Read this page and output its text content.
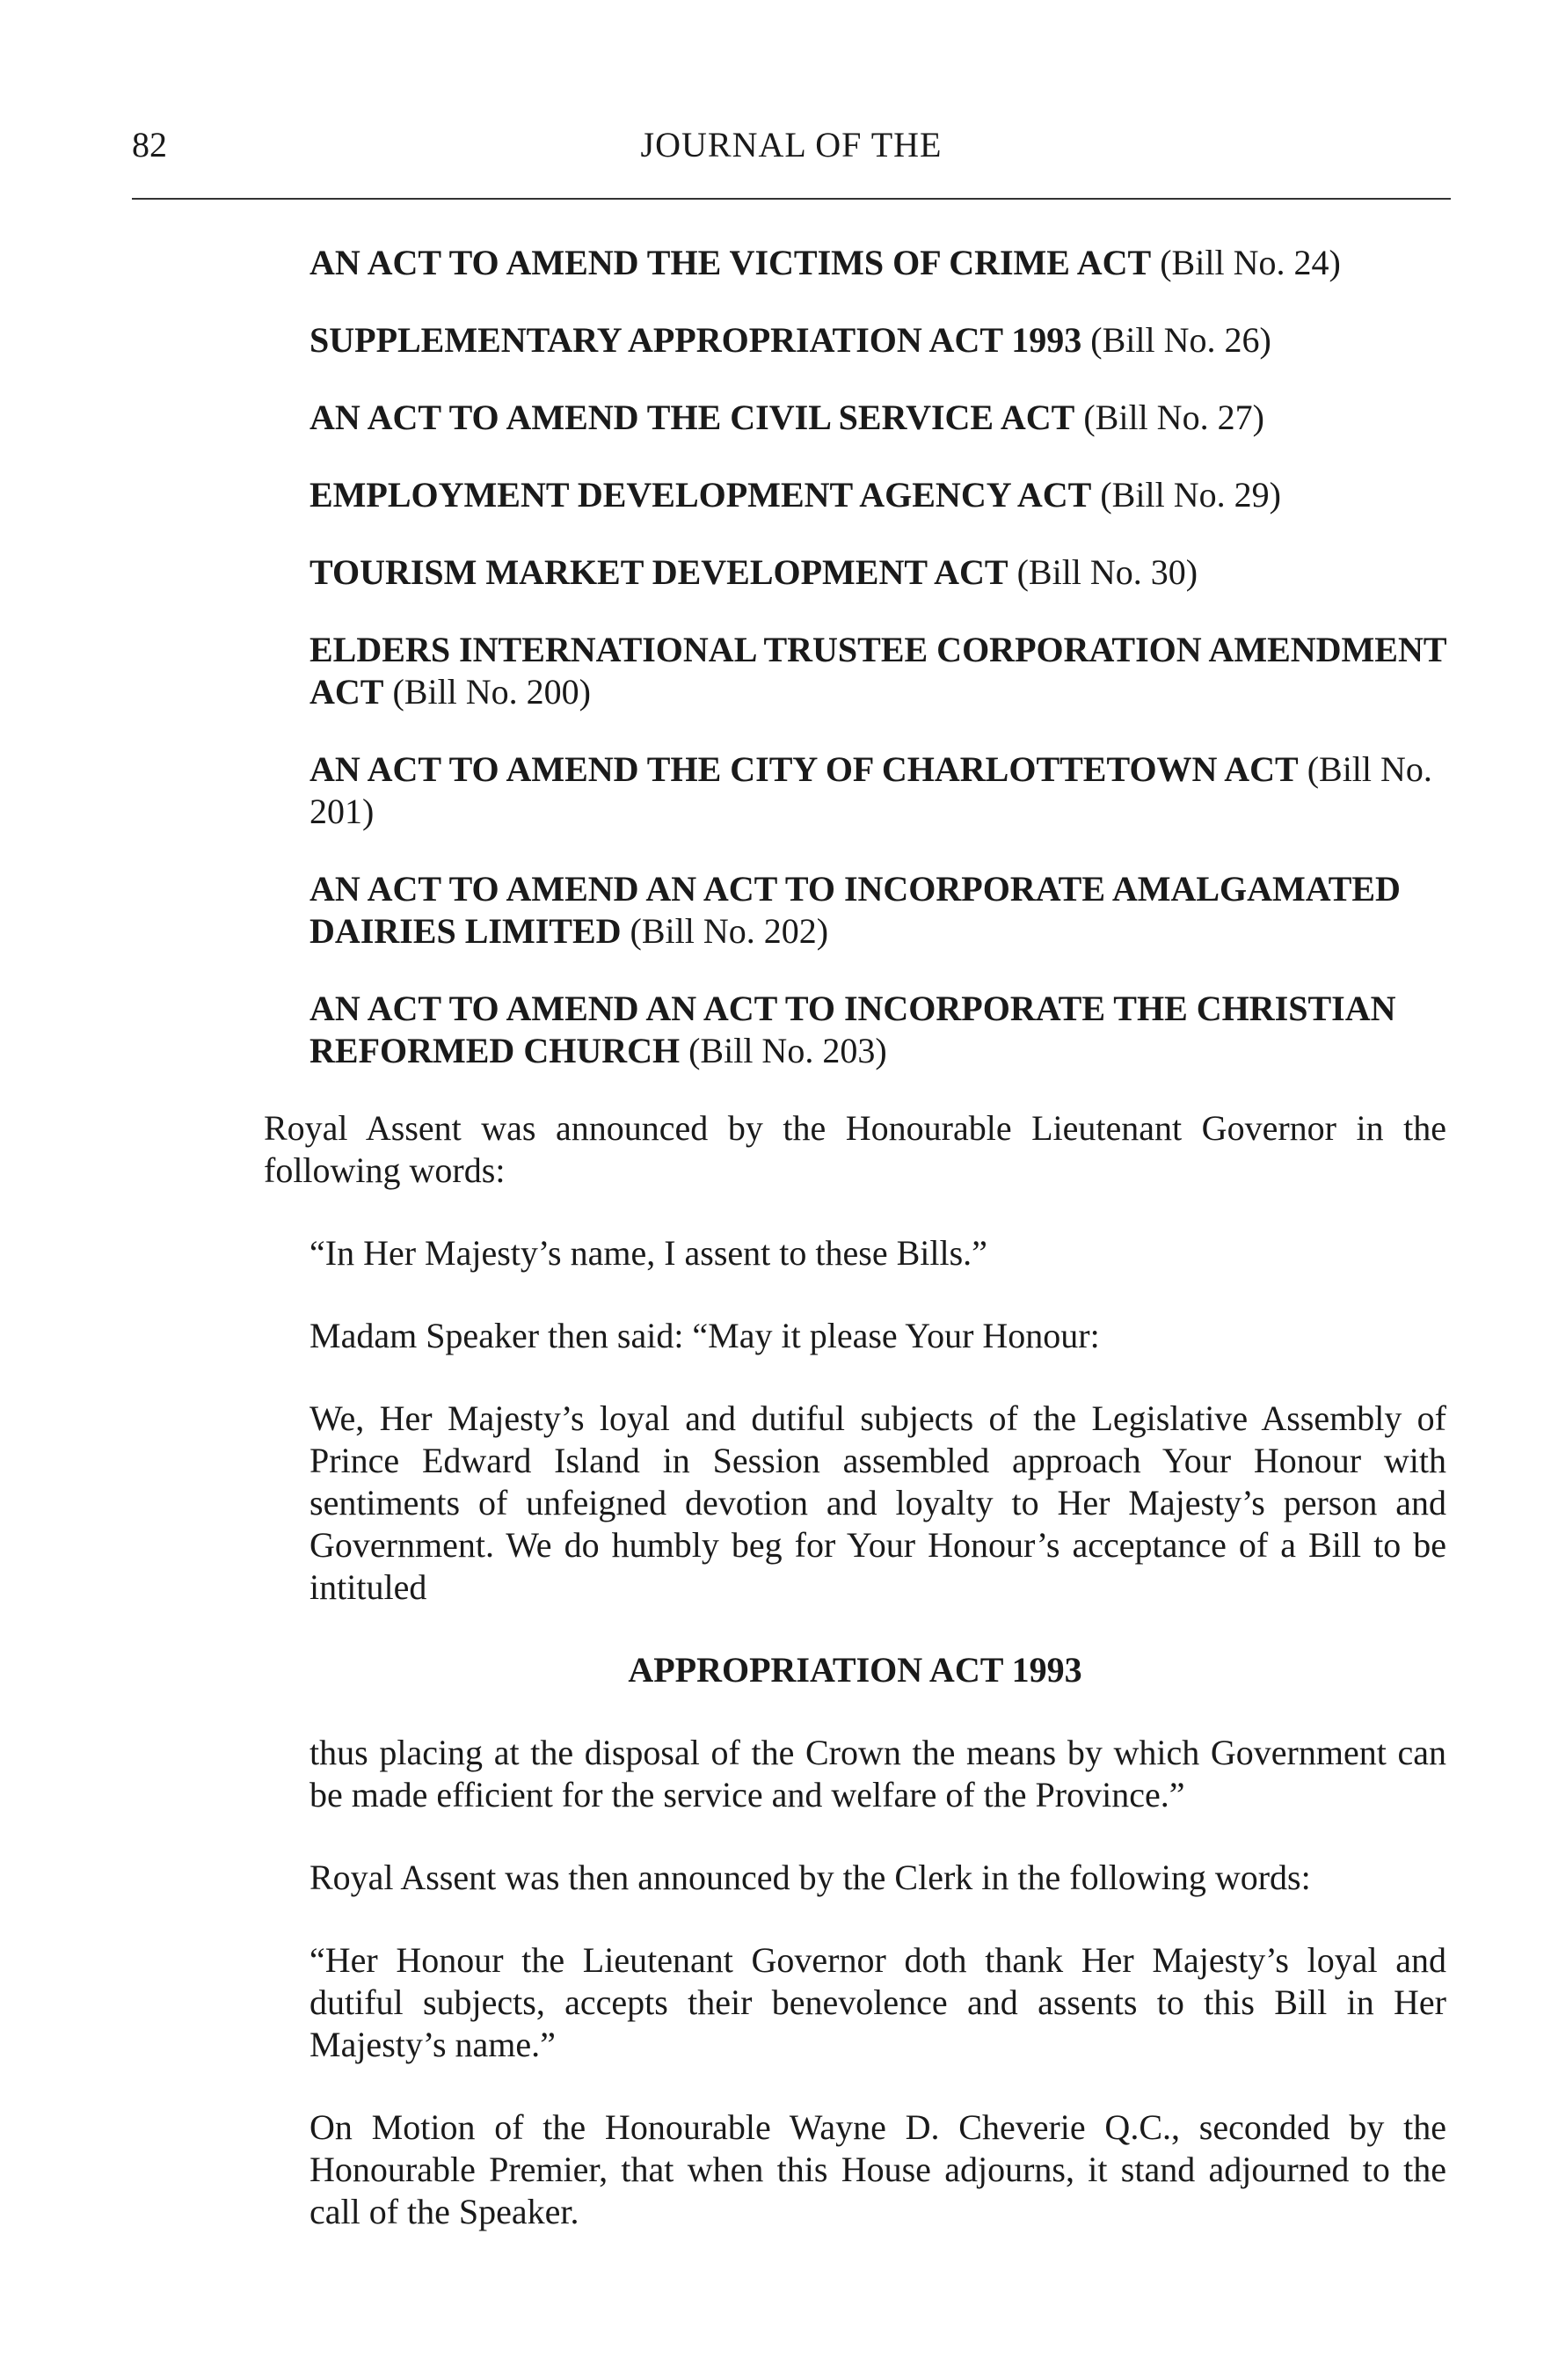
82	JOURNAL OF THE
AN ACT TO AMEND THE VICTIMS OF CRIME ACT (Bill No. 24)
SUPPLEMENTARY APPROPRIATION ACT 1993 (Bill No. 26)
AN ACT TO AMEND THE CIVIL SERVICE ACT (Bill No. 27)
EMPLOYMENT DEVELOPMENT AGENCY ACT (Bill No. 29)
TOURISM MARKET DEVELOPMENT ACT (Bill No. 30)
ELDERS INTERNATIONAL TRUSTEE CORPORATION AMENDMENT ACT (Bill No. 200)
AN ACT TO AMEND THE CITY OF CHARLOTTETOWN ACT (Bill No. 201)
AN ACT TO AMEND AN ACT TO INCORPORATE AMALGAMATED DAIRIES LIMITED (Bill No. 202)
AN ACT TO AMEND AN ACT TO INCORPORATE THE CHRISTIAN REFORMED CHURCH (Bill No. 203)

Royal Assent was announced by the Honourable Lieutenant Governor in the following words:

“In Her Majesty’s name, I assent to these Bills.”

Madam Speaker then said: “May it please Your Honour:

We, Her Majesty’s loyal and dutiful subjects of the Legislative Assembly of Prince Edward Island in Session assembled approach Your Honour with sentiments of unfeigned devotion and loyalty to Her Majesty’s person and Government. We do humbly beg for Your Honour’s acceptance of a Bill to be intituled

APPROPRIATION ACT 1993

thus placing at the disposal of the Crown the means by which Government can be made efficient for the service and welfare of the Province.”

Royal Assent was then announced by the Clerk in the following words:

“Her Honour the Lieutenant Governor doth thank Her Majesty’s loyal and dutiful subjects, accepts their benevolence and assents to this Bill in Her Majesty’s name.”

On Motion of the Honourable Wayne D. Cheverie Q.C., seconded by the Honourable Premier, that when this House adjourns, it stand adjourned to the call of the Speaker.
